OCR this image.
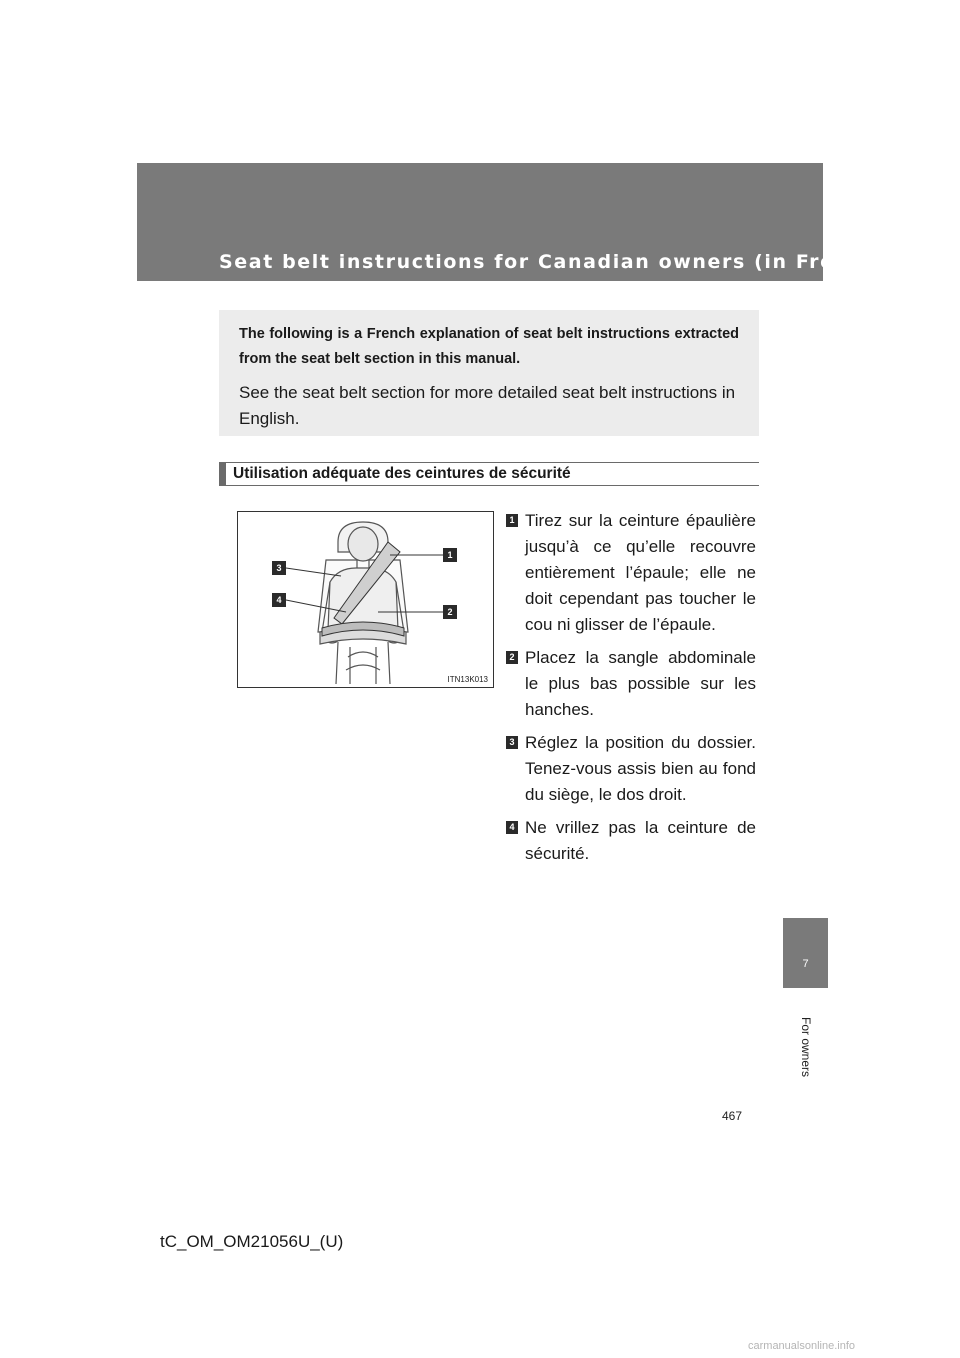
Seat belt instructions for Canadian owners (in French)

The following is a French explanation of seat belt instructions extracted from the seat belt section in this manual.

See the seat belt section for more detailed seat belt instructions in English.

Utilisation adéquate des ceintures de sécurité
1
2
3
4
ITN13K013
1 Tirez sur la ceinture épaulière jusqu’à ce qu’elle recouvre entièrement l’épaule; elle ne doit cependant pas toucher le cou ni glisser de l’épaule.

2 Placez la sangle abdominale le plus bas possible sur les hanches.

3 Réglez la position du dossier. Tenez-vous assis bien au fond du siège, le dos droit.

4 Ne vrillez pas la ceinture de sécurité.

7
For owners
467
tC_OM_OM21056U_(U)
carmanualsonline.info
